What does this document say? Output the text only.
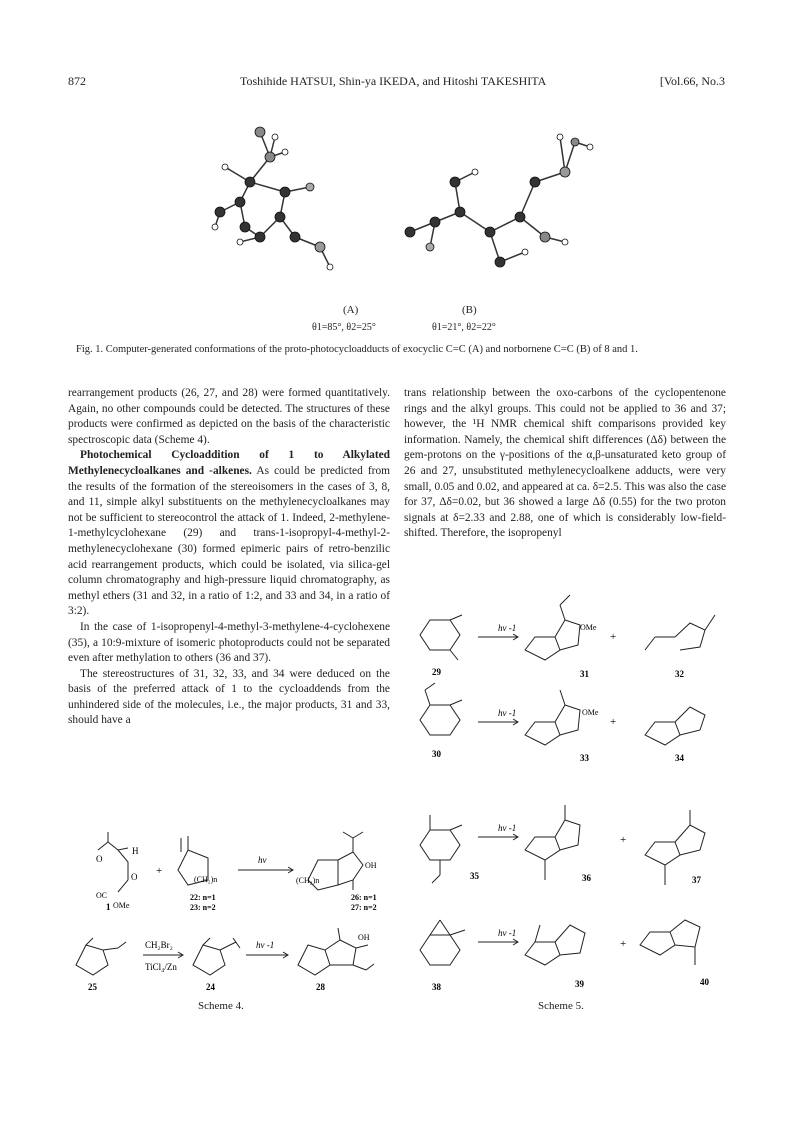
872	Toshihide HATSUI, Shin-ya IKEDA, and Hitoshi TAKESHITA	[Vol.66, No.3
(A)	(B)
θ1=85°, θ2=25°	θ1=21°, θ2=22°
Fig. 1. Computer-generated conformations of the proto-photocycloadducts of exocyclic C=C (A) and norbornene C=C (B) of 8 and 1.

rearrangement products (26, 27, and 28) were formed quantitatively. Again, no other compounds could be detected. The structures of these products were confirmed as depicted on the basis of the characteristic spectroscopic data (Scheme 4).

Photochemical Cycloaddition of 1 to Alkylated Methylenecycloalkanes and -alkenes. As could be predicted from the results of the formation of the stereoisomers in the cases of 3, 8, and 11, simple alkyl substituents on the methylenecycloalkanes may not be sufficient to stereocontrol the attack of 1. Indeed, 2-methylene-1-methylcyclohexane (29) and trans-1-isopropyl-4-methyl-2-methylenecyclohexane (30) formed epimeric pairs of retro-benzilic acid rearrangement products, which could be isolated, via silica-gel column chromatography and high-pressure liquid chromatography, as methyl ethers (31 and 32, in a ratio of 1:2, and 33 and 34, in a ratio of 3:2).

In the case of 1-isopropenyl-4-methyl-3-methylene-4-cyclohexene (35), a 10:9-mixture of isomeric photoproducts could not be separated even after methylation to others (36 and 37).

The stereostructures of 31, 32, 33, and 34 were deduced on the basis of the preferred attack of 1 to the cycloaddends from the unhindered side of the molecules, i.e., the major products, 31 and 33, should have a

trans relationship between the oxo-carbons of the cyclopentenone rings and the alkyl groups. This could not be applied to 36 and 37; however, the ¹H NMR chemical shift comparisons provided key information. Namely, the chemical shift differences (Δδ) between the gem-protons on the γ-positions of the α,β-unsaturated keto group of 26 and 27, unsubstituted methylenecycloalkene adducts, were very small, 0.05 and 0.02, and appeared at ca. δ=2.5. This was also the case for 37, Δδ=0.02, but 36 showed a large Δδ (0.55) for the two proton signals at δ=2.33 and 2.88, one of which is considerably low-field-shifted. Therefore, the isopropenyl

O
H
O
OC
OMe
1
+
(CH₂)n
22: n=1
23: n=2
hν
(CH₂)n
OH
26: n=1
27: n=2
CH₂Br₂
TiCl₄/Zn
hν -1
OH
25	24	28
Scheme 4.
hν -1
hν -1
hν -1
hν -1
OMe
OMe
+
+
+
+
29	31	32
30	33	34
35	36	37
38	39	40
Scheme 5.
